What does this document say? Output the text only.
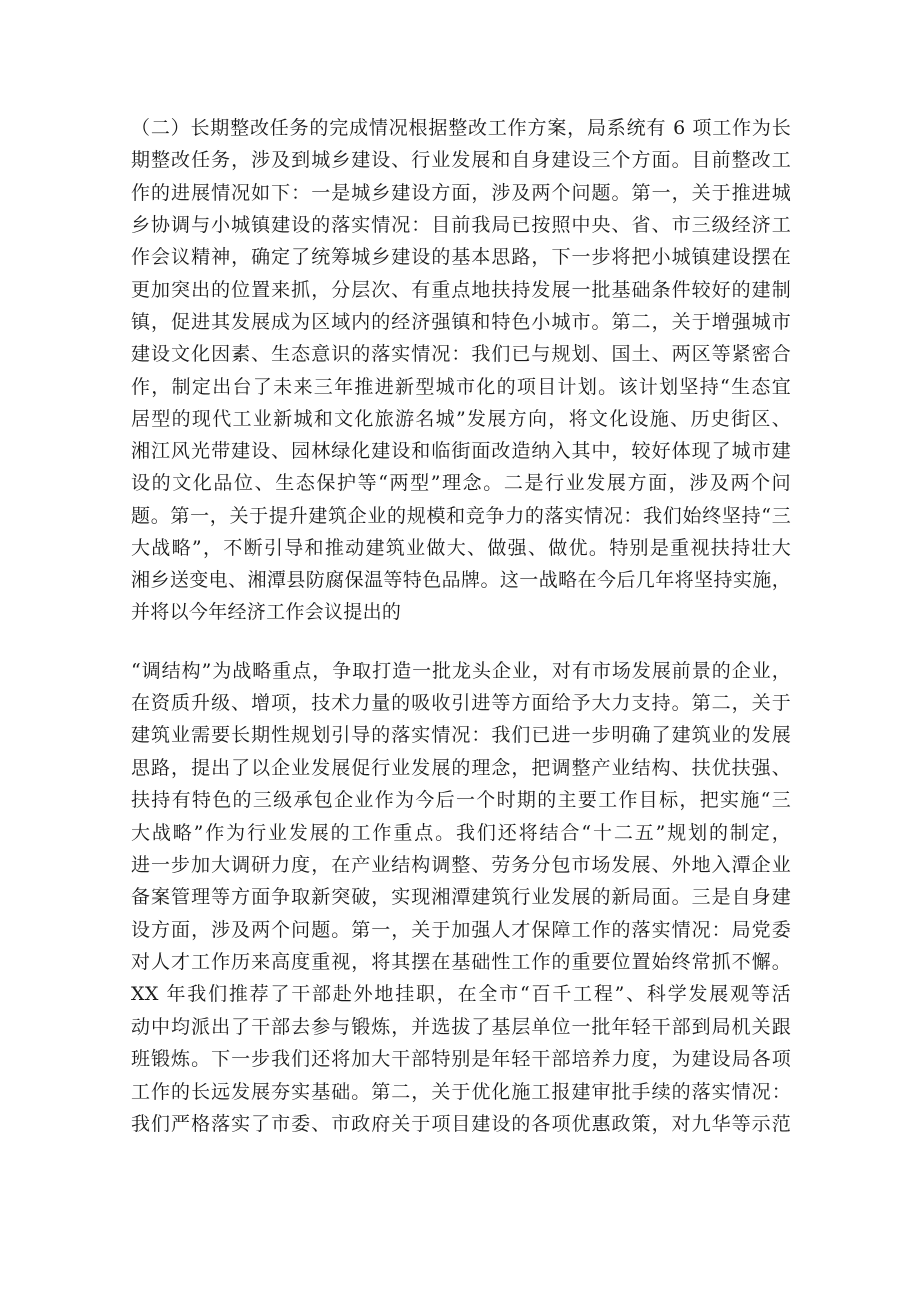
（二）长期整改任务的完成情况根据整改工作方案，局系统有 6 项工作为长
期整改任务，涉及到城乡建设、行业发展和自身建设三个方面。目前整改工
作的进展情况如下：一是城乡建设方面，涉及两个问题。第一，关于推进城
乡协调与小城镇建设的落实情况：目前我局已按照中央、省、市三级经济工
作会议精神，确定了统筹城乡建设的基本思路，下一步将把小城镇建设摆在
更加突出的位置来抓，分层次、有重点地扶持发展一批基础条件较好的建制
镇，促进其发展成为区域内的经济强镇和特色小城市。第二，关于增强城市
建设文化因素、生态意识的落实情况：我们已与规划、国土、两区等紧密合
作，制定出台了未来三年推进新型城市化的项目计划。该计划坚持“生态宜
居型的现代工业新城和文化旅游名城”发展方向，将文化设施、历史街区、
湘江风光带建设、园林绿化建设和临街面改造纳入其中，较好体现了城市建
设的文化品位、生态保护等“两型”理念。二是行业发展方面，涉及两个问
题。第一，关于提升建筑企业的规模和竞争力的落实情况：我们始终坚持“三
大战略”，不断引导和推动建筑业做大、做强、做优。特别是重视扶持壮大
湘乡送变电、湘潭县防腐保温等特色品牌。这一战略在今后几年将坚持实施，
并将以今年经济工作会议提出的
“调结构”为战略重点，争取打造一批龙头企业，对有市场发展前景的企业，
在资质升级、增项，技术力量的吸收引进等方面给予大力支持。第二，关于
建筑业需要长期性规划引导的落实情况：我们已进一步明确了建筑业的发展
思路，提出了以企业发展促行业发展的理念，把调整产业结构、扶优扶强、
扶持有特色的三级承包企业作为今后一个时期的主要工作目标，把实施“三
大战略”作为行业发展的工作重点。我们还将结合“十二五”规划的制定，
进一步加大调研力度，在产业结构调整、劳务分包市场发展、外地入潭企业
备案管理等方面争取新突破，实现湘潭建筑行业发展的新局面。三是自身建
设方面，涉及两个问题。第一，关于加强人才保障工作的落实情况：局党委
对人才工作历来高度重视，将其摆在基础性工作的重要位置始终常抓不懈。
XX 年我们推荐了干部赴外地挂职，在全市“百千工程”、科学发展观等活
动中均派出了干部去参与锻炼，并选拔了基层单位一批年轻干部到局机关跟
班锻炼。下一步我们还将加大干部特别是年轻干部培养力度，为建设局各项
工作的长远发展夯实基础。第二，关于优化施工报建审批手续的落实情况：
我们严格落实了市委、市政府关于项目建设的各项优惠政策，对九华等示范
